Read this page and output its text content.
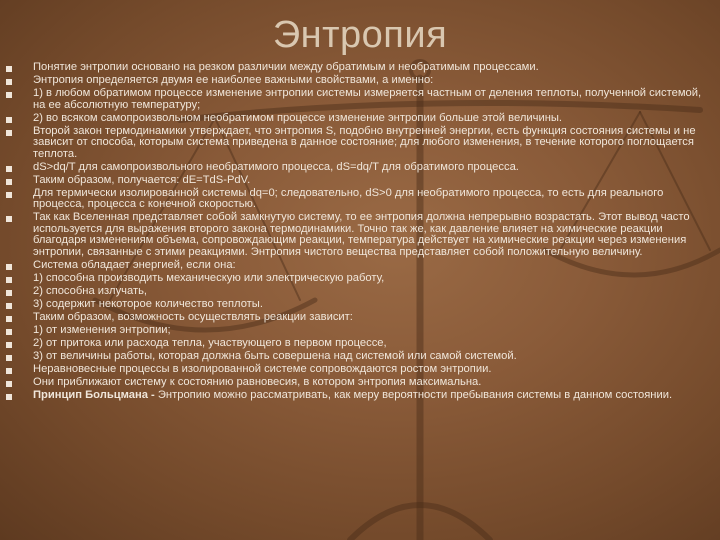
Энтропия
Понятие энтропии основано на резком различии между обратимым и необратимым процессами.
Энтропия определяется двумя ее наиболее важными свойствами, а именно:
1) в любом обратимом процессе изменение энтропии системы измеряется частным от деления теплоты, полученной системой, на ее абсолютную температуру;
2) во всяком самопроизвольном необратимом процессе изменение энтропии больше этой величины.
Второй закон термодинамики утверждает, что энтропия S, подобно внутренней энергии, есть функция состояния системы и не зависит от способа, которым система приведена в данное состояние; для любого изменения, в течение которого поглощается теплота.
dS>dq/T для самопроизвольного необратимого процесса, dS=dq/T для обратимого процесса.
Таким образом, получается: dE=TdS-PdV.
Для термически изолированной системы dq=0; следовательно, dS>0 для необратимого процесса, то есть для реального процесса, процесса с конечной скоростью.
Так как Вселенная представляет собой замкнутую систему, то ее энтропия должна непрерывно возрастать. Этот вывод часто используется для выражения второго закона термодинамики. Точно так же, как давление влияет на химические реакции благодаря изменениям объема, сопровождающим реакции, температура действует на химические реакции через изменения энтропии, связанные с этими реакциями. Энтропия чистого вещества представляет собой положительную величину.
Система обладает энергией, если она:
1) способна производить механическую или электрическую работу,
2) способна излучать,
3) содержит некоторое количество теплоты.
Таким образом, возможность осуществлять реакции зависит:
1) от изменения энтропии;
2) от притока или расхода тепла, участвующего в первом процессе,
3) от величины работы, которая должна быть совершена над системой или самой системой.
Неравновесные процессы в изолированной системе сопровождаются ростом энтропии.
Они приближают систему к состоянию равновесия, в котором энтропия максимальна.
Принцип Больцмана - Энтропию можно рассматривать, как меру вероятности пребывания системы в данном состоянии.
